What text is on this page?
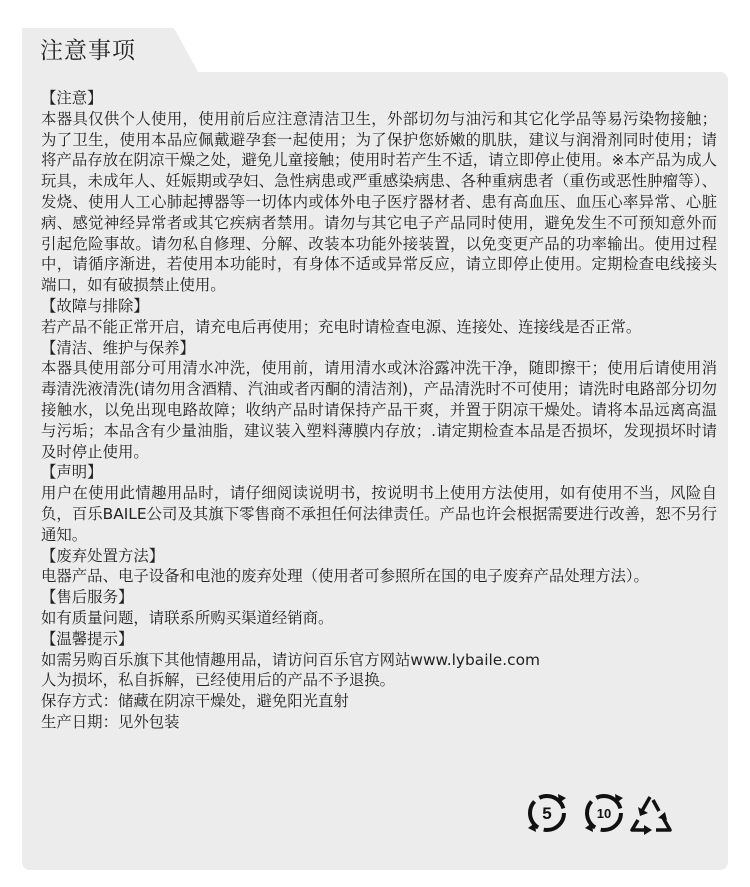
注意事项

【注意】

本器具仅供个人使用，使用前后应注意清洁卫生，外部切勿与油污和其它化学品等易污染物接触；为了卫生，使用本品应佩戴避孕套一起使用；为了保护您娇嫩的肌肤，建议与润滑剂同时使用；请将产品存放在阴凉干燥之处，避免儿童接触；使用时若产生不适，请立即停止使用。※本产品为成人玩具，未成年人、妊娠期或孕妇、急性病患或严重感染病患、各种重病患者（重伤或恶性肿瘤等）、发烧、使用人工心肺起搏器等一切体内或体外电子医疗器材者、患有高血压、血压心率异常、心脏病、感觉神经异常者或其它疾病者禁用。请勿与其它电子产品同时使用，避免发生不可预知意外而引起危险事故。请勿私自修理、分解、改装本功能外接装置，以免变更产品的功率输出。使用过程中，请循序渐进，若使用本功能时，有身体不适或异常反应，请立即停止使用。定期检查电线接头端口，如有破损禁止使用。

【故障与排除】

若产品不能正常开启，请充电后再使用；充电时请检查电源、连接处、连接线是否正常。

【清洁、维护与保养】

本器具使用部分可用清水冲洗，使用前，请用清水或沐浴露冲洗干净，随即擦干；使用后请使用消毒清洗液清洗(请勿用含酒精、汽油或者丙酮的清洁剂)，产品清洗时不可使用；请洗时电路部分切勿接触水，以免出现电路故障；收纳产品时请保持产品干爽，并置于阴凉干燥处。请将本品远离高温与污垢；本品含有少量油脂，建议装入塑料薄膜内存放；.请定期检查本品是否损坏，发现损坏时请及时停止使用。

【声明】

用户在使用此情趣用品时，请仔细阅读说明书，按说明书上使用方法使用，如有使用不当，风险自负，百乐BAILE公司及其旗下零售商不承担任何法律责任。产品也许会根据需要进行改善，恕不另行通知。

【废弃处置方法】

电器产品、电子设备和电池的废弃处理（使用者可参照所在国的电子废弃产品处理方法）。

【售后服务】

如有质量问题，请联系所购买渠道经销商。

【温馨提示】

如需另购百乐旗下其他情趣用品，请访问百乐官方网站www.lybaile.com

人为损坏，私自拆解，已经使用后的产品不予退换。

保存方式：储藏在阴凉干燥处，避免阳光直射

生产日期：见外包装

5	10
